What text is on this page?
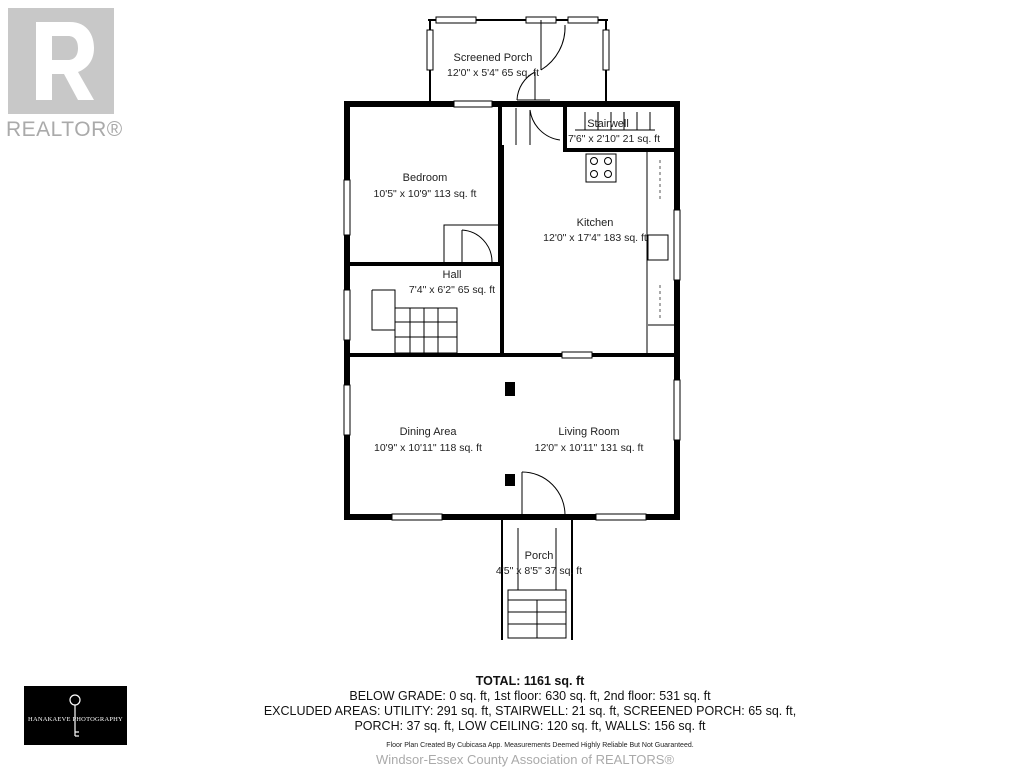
Screened Porch
12'0" x 5'4" 65 sq. ft
Stairwell
7'6" x 2'10" 21 sq. ft
Bedroom
10'5" x 10'9" 113 sq. ft
Kitchen
12'0" x 17'4" 183 sq. ft
Hall
7'4" x 6'2" 65 sq. ft
Dining Area
10'9" x 10'11" 118 sq. ft
Living Room
12'0" x 10'11" 131 sq. ft
Porch
4'5" x 8'5" 37 sq. ft
REALTOR®
HANAKAEVE PHOTOGRAPHY
TOTAL: 1161 sq. ft
BELOW GRADE: 0 sq. ft, 1st floor: 630 sq. ft, 2nd floor: 531 sq. ft
EXCLUDED AREAS: UTILITY: 291 sq. ft, STAIRWELL: 21 sq. ft, SCREENED PORCH: 65 sq. ft,
PORCH: 37 sq. ft, LOW CEILING: 120 sq. ft, WALLS: 156 sq. ft
Floor Plan Created By Cubicasa App. Measurements Deemed Highly Reliable But Not Guaranteed.
Windsor-Essex County Association of REALTORS®
